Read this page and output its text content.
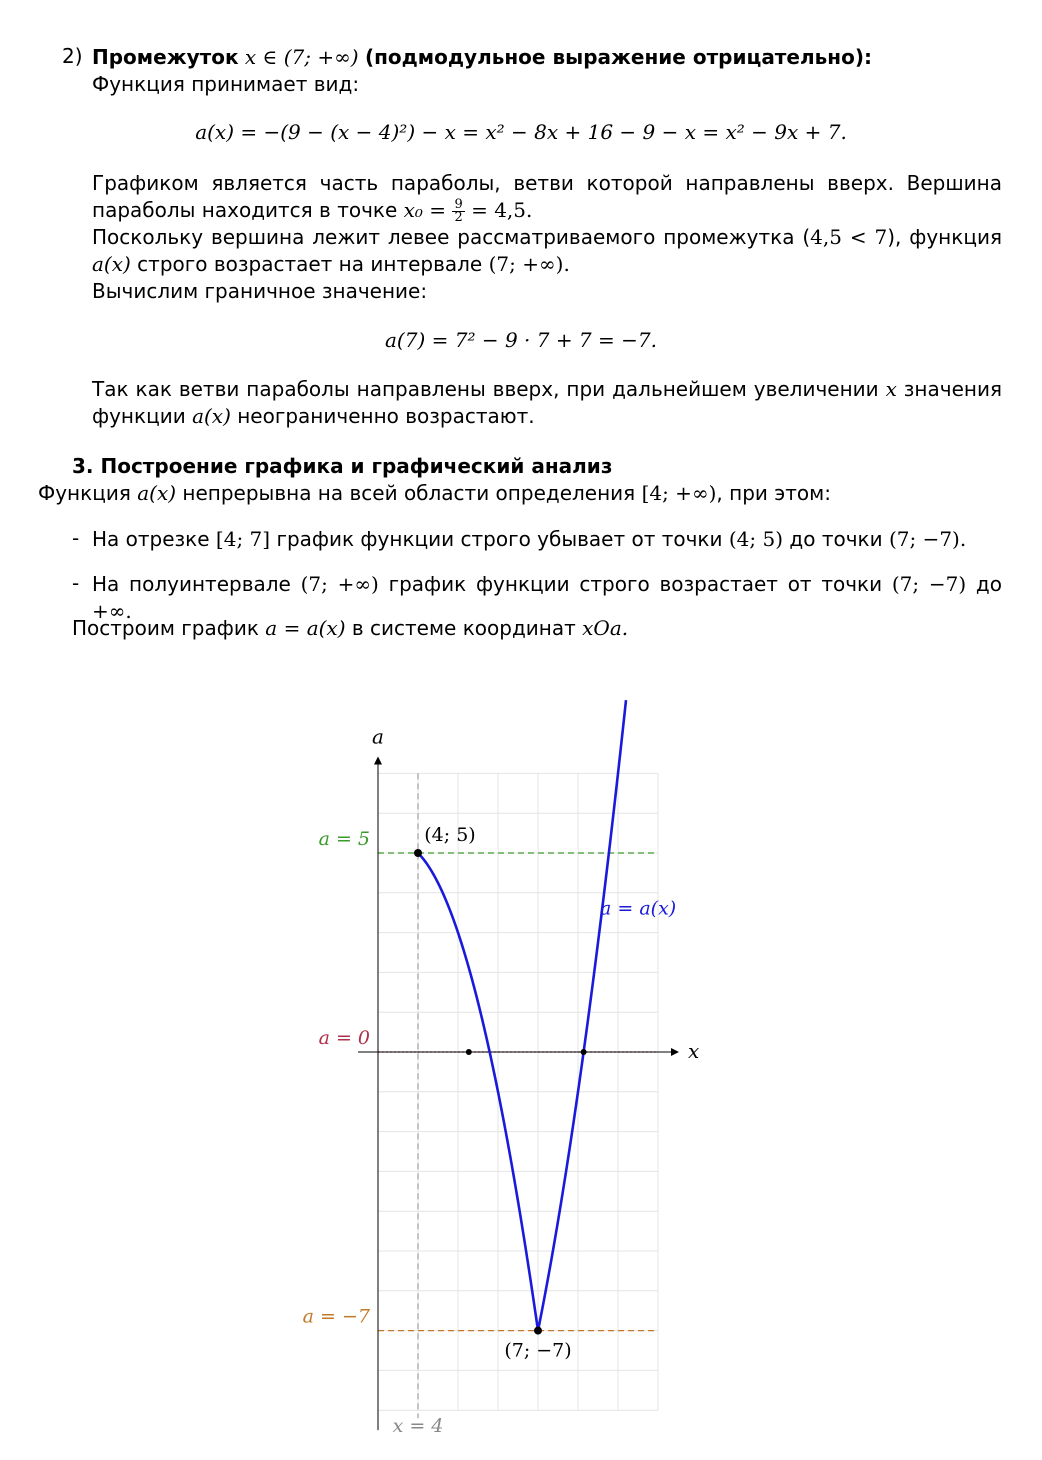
2) Промежуток x ∈ (7; +∞) (подмодульное выражение отрицательно):
Функция принимает вид:
a(x) = −(9 − (x − 4)²) − x = x² − 8x + 16 − 9 − x = x² − 9x + 7.
Графиком является часть параболы, ветви которой направлены вверх. Вершина параболы находится в точке $x_0 = \frac{9}{2} = 4,5$.
Поскольку вершина лежит левее рассматриваемого промежутка (4,5 < 7), функция a(x) строго возрастает на интервале (7; +∞).
Вычислим граничное значение:
a(7) = 7² − 9 · 7 + 7 = −7.
Так как ветви параболы направлены вверх, при дальнейшем увеличении x значения функции a(x) неограниченно возрастают.
3. Построение графика и графический анализ
Функция a(x) непрерывна на всей области определения [4; +∞), при этом:
- На отрезке [4; 7] график функции строго убывает от точки (4; 5) до точки (7; −7).
- На полуинтервале (7; +∞) график функции строго возрастает от точки (7; −7) до +∞.
Построим график a = a(x) в системе координат xOa.
a = 5
a = 0
a = −7
x = 4
x
a
a = a(x)
(4; 5)
(7; −7)
